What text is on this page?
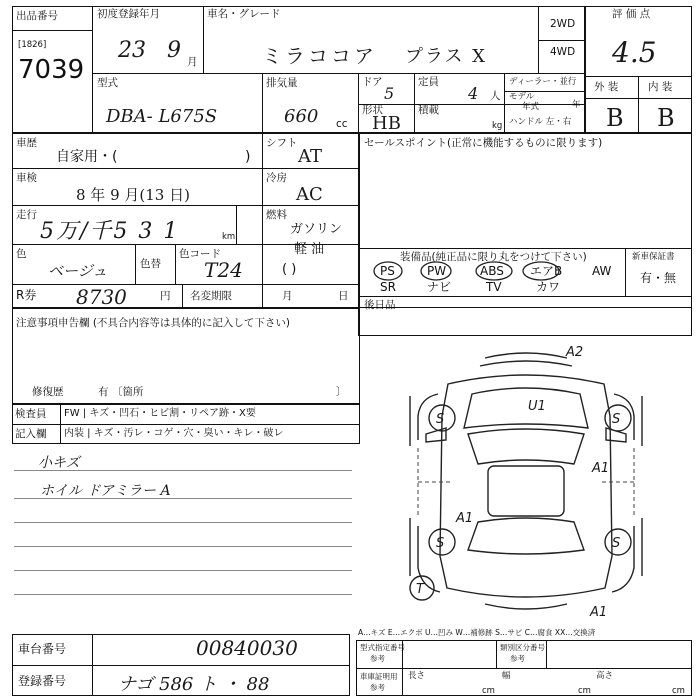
出品番号
[1826]
7039
初度登録年月
23 9 月
車名・グレード
ミラココア プラス X
2WD
4WD
評 価 点
4.5
外 装	内 装
B B
型式
DBA- L675S
排気量
660 cc
ドア
5
定員
4 人
形状
HB
積載
kg
ディーラー・並行
モデル
年式	年
ハンドル 左・右
車歴
自家用・(	)
シフト
AT
車検
8 年 9 月(13 日)
冷房
AC
走行
5万/千5 3 1	km
燃料
ガソリン
軽 油
( )
色
ベージュ	色替
色コード
T24
R券 8730	円 名変期限	月	日
セールスポイント(正常に機能するものに限ります)
装備品(純正品に限り丸をつけて下さい)
PS	PW	ABS エアB AW
SR	ナビ	TV	カワ
新車保証書
有・無
後日品
注意事項申告欄 (不具合内容等は具体的に記入して下さい)
修復歴	有 〔箇所	〕
検査員
記入欄
FW | キズ・凹石・ヒビ割・リペア跡・X要
内装 | キズ・汚レ・コゲ・穴・臭い・キレ・破レ
小キズ
ホイル ドアミラー A
A2
U1
S	S
A1
A1
S	S
T
A1
A…キズ E…エクボ U…凹み W…補修跡 S…サビ C…腐食 XX…交換済
車台番号	00840030
登録番号	ナゴ 586 ト ・ 88
型式指定番号
参考
類別区分番号
参考
車庫証明用
参考
長さ
cm
幅
cm
高さ
cm
